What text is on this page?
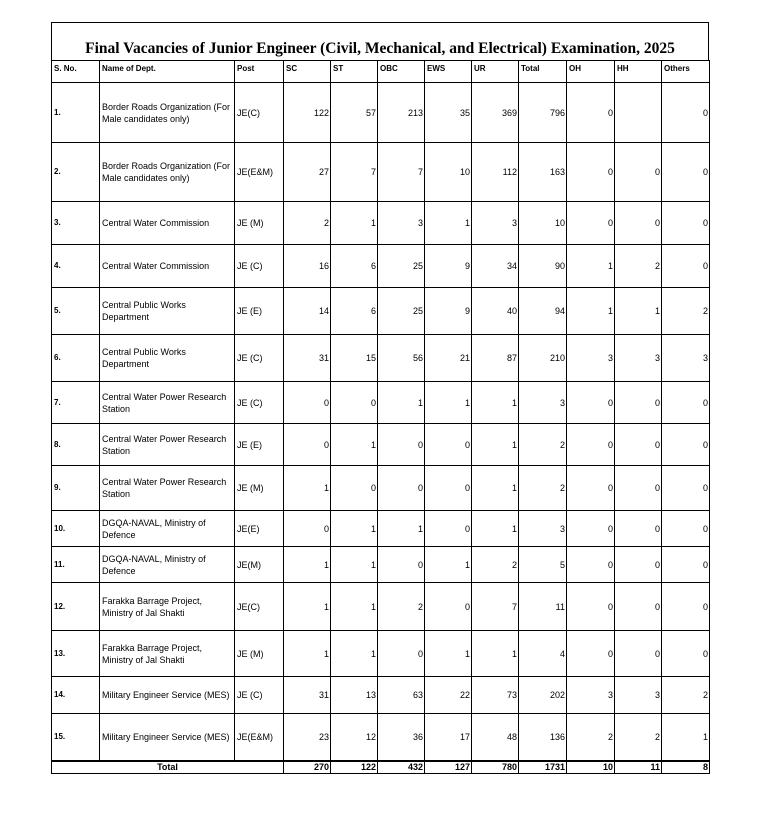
Final Vacancies of Junior Engineer (Civil, Mechanical, and Electrical) Examination, 2025
S. No.	Name of Dept.	Post	SC	ST	OBC	EWS	UR	Total	OH	HH	Others
1.	Border Roads Organization (For Male candidates only)	JE(C)	122	57	213	35	369	796	0		0
2.	Border Roads Organization (For Male candidates only)	JE(E&M)	27	7	7	10	112	163	0	0	0
3.	Central Water Commission	JE (M)	2	1	3	1	3	10	0	0	0
4.	Central Water Commission	JE (C)	16	6	25	9	34	90	1	2	0
5.	Central Public Works Department	JE (E)	14	6	25	9	40	94	1	1	2
6.	Central Public Works Department	JE (C)	31	15	56	21	87	210	3	3	3
7.	Central Water Power Research Station	JE (C)	0	0	1	1	1	3	0	0	0
8.	Central Water Power Research Station	JE (E)	0	1	0	0	1	2	0	0	0
9.	Central Water Power Research Station	JE (M)	1	0	0	0	1	2	0	0	0
10.	DGQA-NAVAL, Ministry of Defence	JE(E)	0	1	1	0	1	3	0	0	0
11.	DGQA-NAVAL, Ministry of Defence	JE(M)	1	1	0	1	2	5	0	0	0
12.	Farakka Barrage Project, Ministry of Jal Shakti	JE(C)	1	1	2	0	7	11	0	0	0
13.	Farakka Barrage Project, Ministry of Jal Shakti	JE (M)	1	1	0	1	1	4	0	0	0
14.	Military Engineer Service (MES)	JE (C)	31	13	63	22	73	202	3	3	2
15.	Military Engineer Service (MES)	JE(E&M)	23	12	36	17	48	136	2	2	1
Total			270	122	432	127	780	1731	10	11	8
